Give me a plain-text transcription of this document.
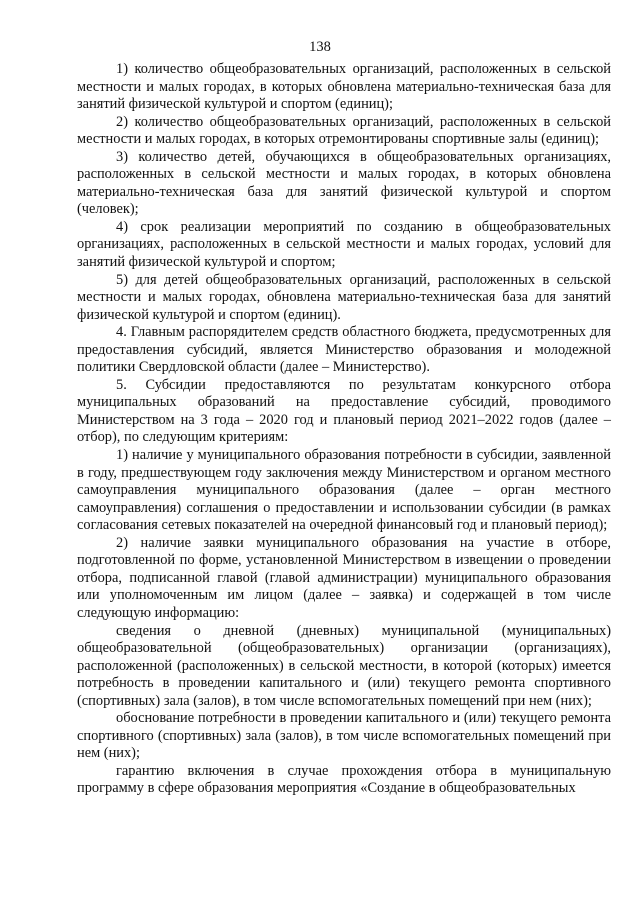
138

1) количество общеобразовательных организаций, расположенных в сельской местности и малых городах, в которых обновлена материально-техническая база для занятий физической культурой и спортом (единиц);

2) количество общеобразовательных организаций, расположенных в сельской местности и малых городах, в которых отремонтированы спортивные залы (единиц);

3) количество детей, обучающихся в общеобразовательных организациях, расположенных в сельской местности и малых городах, в которых обновлена материально-техническая база для занятий физической культурой и спортом (человек);

4) срок реализации мероприятий по созданию в общеобразовательных организациях, расположенных в сельской местности и малых городах, условий для занятий физической культурой и спортом;

5) для детей общеобразовательных организаций, расположенных в сельской местности и малых городах, обновлена материально-техническая база для занятий физической культурой и спортом (единиц).

4. Главным распорядителем средств областного бюджета, предусмотренных для предоставления субсидий, является Министерство образования и молодежной политики Свердловской области (далее – Министерство).

5. Субсидии предоставляются по результатам конкурсного отбора муниципальных образований на предоставление субсидий, проводимого Министерством на 3 года – 2020 год и плановый период 2021–2022 годов (далее – отбор), по следующим критериям:

1) наличие у муниципального образования потребности в субсидии, заявленной в году, предшествующем году заключения между Министерством и органом местного самоуправления муниципального образования (далее – орган местного самоуправления) соглашения о предоставлении и использовании субсидии (в рамках согласования сетевых показателей на очередной финансовый год и плановый период);

2) наличие заявки муниципального образования на участие в отборе, подготовленной по форме, установленной Министерством в извещении о проведении отбора, подписанной главой (главой администрации) муниципального образования или уполномоченным им лицом (далее – заявка) и содержащей в том числе следующую информацию:

сведения о дневной (дневных) муниципальной (муниципальных) общеобразовательной (общеобразовательных) организации (организациях), расположенной (расположенных) в сельской местности, в которой (которых) имеется потребность в проведении капитального и (или) текущего ремонта спортивного (спортивных) зала (залов), в том числе вспомогательных помещений при нем (них);

обоснование потребности в проведении капитального и (или) текущего ремонта спортивного (спортивных) зала (залов), в том числе вспомогательных помещений при нем (них);

гарантию включения в случае прохождения отбора в муниципальную программу в сфере образования мероприятия «Создание в общеобразовательных
